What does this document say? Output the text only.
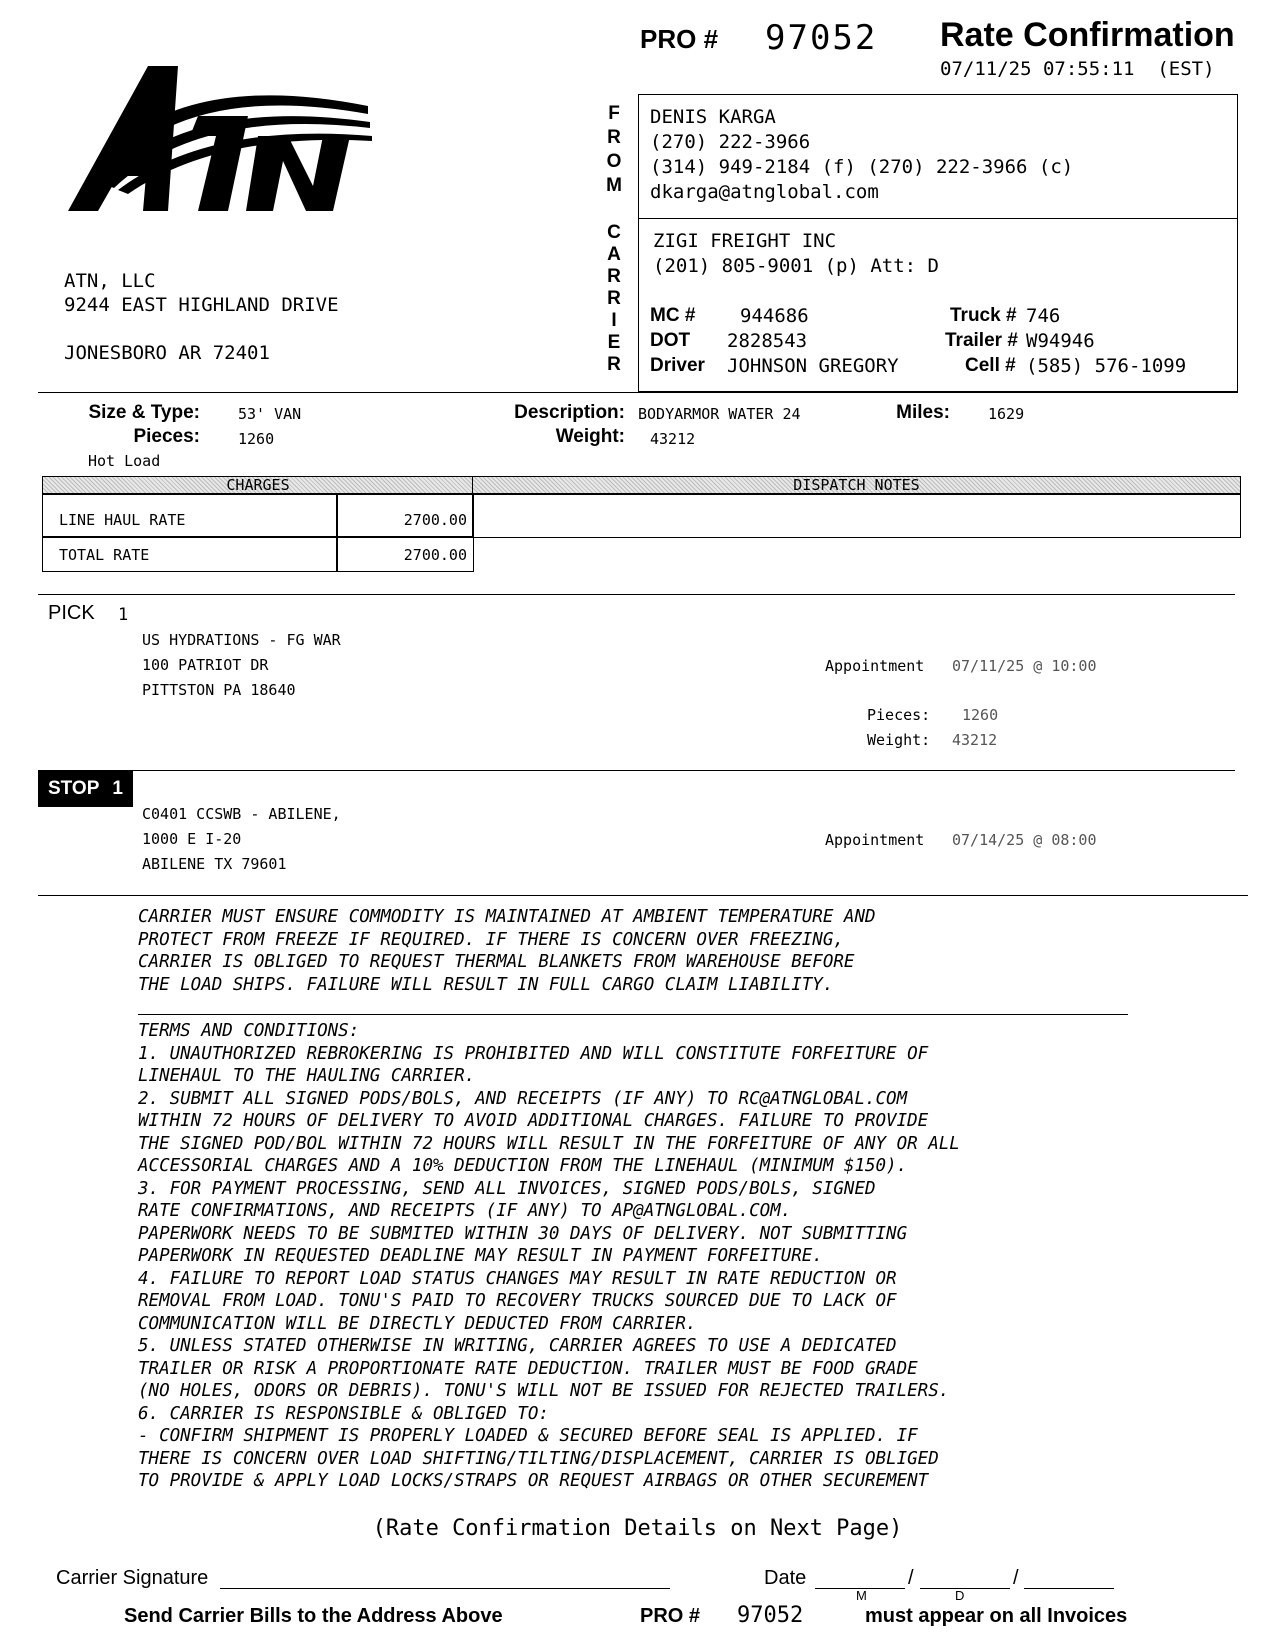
PRO # 97052 Rate Confirmation
07/11/25 07:55:11  (EST)
ATN, LLC
9244 EAST HIGHLAND DRIVE
JONESBORO AR 72401
F
R
O
M
C
A
R
R
I
E
R
DENIS KARGA
(270) 222-3966
(314) 949-2184 (f) (270) 222-3966 (c)
dkarga@atnglobal.com
ZIGI FREIGHT INC
(201) 805-9001 (p) Att: D
MC # 944686
DOT 2828543
Driver JOHNSON GREGORY
Truck # 746
Trailer # W94946
Cell # (585) 576-1099
Size & Type:	53' VAN
Pieces:	1260
Hot Load
Description: BODYARMOR WATER 24
Weight: 43212
Miles:	1629
CHARGES	DISPATCH NOTES
LINE HAUL RATE	2700.00
TOTAL RATE	2700.00
PICK 1
US HYDRATIONS - FG WAR
100 PATRIOT DR
PITTSTON PA 18640
Appointment 07/11/25 @ 10:00
Pieces: 1260
Weight: 43212
STOP 1
C0401 CCSWB - ABILENE,
1000 E I-20
ABILENE TX 79601
Appointment 07/14/25 @ 08:00
CARRIER MUST ENSURE COMMODITY IS MAINTAINED AT AMBIENT TEMPERATURE AND
PROTECT FROM FREEZE IF REQUIRED. IF THERE IS CONCERN OVER FREEZING,
CARRIER IS OBLIGED TO REQUEST THERMAL BLANKETS FROM WAREHOUSE BEFORE
THE LOAD SHIPS. FAILURE WILL RESULT IN FULL CARGO CLAIM LIABILITY.
TERMS AND CONDITIONS:
1. UNAUTHORIZED REBROKERING IS PROHIBITED AND WILL CONSTITUTE FORFEITURE OF
LINEHAUL TO THE HAULING CARRIER.
2. SUBMIT ALL SIGNED PODS/BOLS, AND RECEIPTS (IF ANY) TO RC@ATNGLOBAL.COM
WITHIN 72 HOURS OF DELIVERY TO AVOID ADDITIONAL CHARGES. FAILURE TO PROVIDE
THE SIGNED POD/BOL WITHIN 72 HOURS WILL RESULT IN THE FORFEITURE OF ANY OR ALL
ACCESSORIAL CHARGES AND A 10% DEDUCTION FROM THE LINEHAUL (MINIMUM $150).
3. FOR PAYMENT PROCESSING, SEND ALL INVOICES, SIGNED PODS/BOLS, SIGNED
RATE CONFIRMATIONS, AND RECEIPTS (IF ANY) TO AP@ATNGLOBAL.COM.
PAPERWORK NEEDS TO BE SUBMITED WITHIN 30 DAYS OF DELIVERY. NOT SUBMITTING
PAPERWORK IN REQUESTED DEADLINE MAY RESULT IN PAYMENT FORFEITURE.
4. FAILURE TO REPORT LOAD STATUS CHANGES MAY RESULT IN RATE REDUCTION OR
REMOVAL FROM LOAD. TONU'S PAID TO RECOVERY TRUCKS SOURCED DUE TO LACK OF
COMMUNICATION WILL BE DIRECTLY DEDUCTED FROM CARRIER.
5. UNLESS STATED OTHERWISE IN WRITING, CARRIER AGREES TO USE A DEDICATED
TRAILER OR RISK A PROPORTIONATE RATE DEDUCTION. TRAILER MUST BE FOOD GRADE
(NO HOLES, ODORS OR DEBRIS). TONU'S WILL NOT BE ISSUED FOR REJECTED TRAILERS.
6. CARRIER IS RESPONSIBLE & OBLIGED TO:
- CONFIRM SHIPMENT IS PROPERLY LOADED & SECURED BEFORE SEAL IS APPLIED. IF
THERE IS CONCERN OVER LOAD SHIFTING/TILTING/DISPLACEMENT, CARRIER IS OBLIGED
TO PROVIDE & APPLY LOAD LOCKS/STRAPS OR REQUEST AIRBAGS OR OTHER SECUREMENT
(Rate Confirmation Details on Next Page)
Carrier Signature	Date	/	/
M	D
Send Carrier Bills to the Address Above	PRO # 97052	must appear on all Invoices
